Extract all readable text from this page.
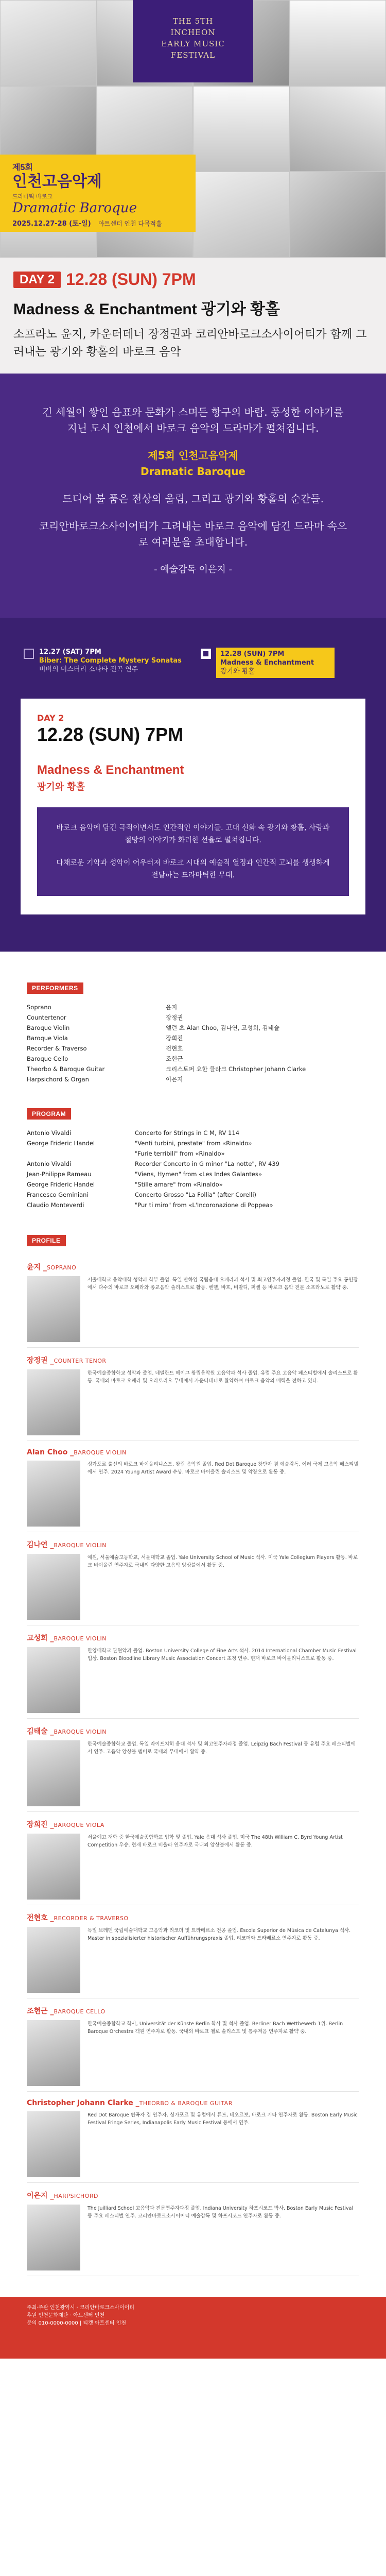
THE 5TH
INCHEON
EARLY MUSIC
FESTIVAL
제5회
인천고음악제
드라마틱 바로크
Dramatic Baroque
2025.12.27-28 (토-일) 아트센터 인천 다목적홀
DAY 2 12.28 (SUN) 7PM
Madness & Enchantment 광기와 황홀

소프라노 윤지, 카운터테너 장정권과 코리안바로크소사이어티가 함께 그려내는 광기와 황홀의 바로크 음악

긴 세월이 쌓인 음표와 문화가 스며든 항구의 바람. 풍성한 이야기를 지닌 도시 인천에서 바로크 음악의 드라마가 펼쳐집니다.

제5회 인천고음악제
Dramatic Baroque

드디어 불 품은 전상의 울림, 그리고 광기와 황홀의 순간들.

코리안바로크소사이어티가 그려내는 바로크 음악에 담긴 드라마 속으로 여러분을 초대합니다.

- 예술감독 이은지 -

12.27 (SAT) 7PM
Biber: The Complete Mystery Sonatas
비버의 미스터리 소나타 전곡 연주
12.28 (SUN) 7PM
Madness & Enchantment
광기와 황홀
DAY 2
12.28 (SUN) 7PM
Madness & Enchantment
광기와 황홀

바로크 음악에 담긴 극적이면서도 인간적인 이야기들. 고대 신화 속 광기와 황홀, 사랑과 절망의 이야기가 화려한 선율로 펼쳐집니다.

다채로운 기악과 성악이 어우러져 바로크 시대의 예술적 열정과 인간적 고뇌를 생생하게 전달하는 드라마틱한 무대.

PERFORMERS
Soprano	윤지
Countertenor	장정권
Baroque Violin	앨런 초 Alan Choo, 김나연, 고성희, 김태술
Baroque Viola	장희진
Recorder & Traverso	전현호
Baroque Cello	조현근
Theorbo & Baroque Guitar	크리스토퍼 요한 클라크 Christopher Johann Clarke
Harpsichord & Organ	이은지
PROGRAM
Antonio Vivaldi	Concerto for Strings in C M, RV 114
George Frideric Handel	"Venti turbini, prestate" from «Rinaldo»
	"Furie terribili" from «Rinaldo»
Antonio Vivaldi	Recorder Concerto in G minor "La notte", RV 439
Jean-Philippe Rameau	"Viens, Hymen" from «Les Indes Galantes»
George Frideric Handel	"Stille amare" from «Rinaldo»
Francesco Geminiani	Concerto Grosso "La Follia" (after Corelli)
Claudio Monteverdi	"Pur ti miro" from «L'Incoronazione di Poppea»
PROFILE
윤지 _SOPRANO

서울대학교 음악대학 성악과 학부 졸업. 독일 만하임 국립음대 오페라과 석사 및 최고연주자과정 졸업. 한국 및 독일 주요 공연장에서 다수의 바로크 오페라와 종교음악 솔리스트로 활동. 헨델, 바흐, 비발디, 퍼셀 등 바로크 음악 전문 소프라노로 활약 중.

장정권 _COUNTER TENOR

한국예술종합학교 성악과 졸업. 네덜란드 헤이그 왕립음악원 고음악과 석사 졸업. 유럽 주요 고음악 페스티벌에서 솔리스트로 활동. 국내외 바로크 오페라 및 오라토리오 무대에서 카운터테너로 활약하며 바로크 음악의 매력을 전하고 있다.

Alan Choo _BAROQUE VIOLIN

싱가포르 출신의 바로크 바이올리니스트. 왕립 음악원 졸업. Red Dot Baroque 창단자 겸 예술감독. 여러 국제 고음악 페스티벌에서 연주. 2024 Young Artist Award 수상. 바로크 바이올린 솔리스트 및 악장으로 활동 중.

김나연 _BAROQUE VIOLIN

예원, 서울예술고등학교, 서울대학교 졸업. Yale University School of Music 석사. 미국 Yale Collegium Players 활동. 바로크 바이올린 연주자로 국내외 다양한 고음악 앙상블에서 활동 중.

고성희 _BAROQUE VIOLIN

한양대학교 관현악과 졸업. Boston University College of Fine Arts 석사. 2014 International Chamber Music Festival 입상. Boston Bloodline Library Music Association Concert 초청 연주. 현재 바로크 바이올리니스트로 활동 중.

김태술 _BAROQUE VIOLIN

한국예술종합학교 졸업. 독일 라이프치히 음대 석사 및 최고연주자과정 졸업. Leipzig Bach Festival 등 유럽 주요 페스티벌에서 연주. 고음악 앙상블 멤버로 국내외 무대에서 활약 중.

장희진 _BAROQUE VIOLA

서울예고 재학 중 한국예술종합학교 입학 및 졸업. Yale 음대 석사 졸업. 미국 The 48th William C. Byrd Young Artist Competition 우승. 현재 바로크 비올라 연주자로 국내외 앙상블에서 활동 중.

전현호 _RECORDER & TRAVERSO

독일 브레멘 국립예술대학교 고음악과 리코더 및 트라베르소 전공 졸업. Escola Superior de Música de Catalunya 석사. Master in spezialisierter historischer Aufführungspraxis 졸업. 리코더와 트라베르소 연주자로 활동 중.

조현근 _BAROQUE CELLO

한국예술종합학교 학사, Universität der Künste Berlin 학사 및 석사 졸업. Berliner Bach Wettbewerb 1위. Berlin Baroque Orchestra 객원 연주자로 활동. 국내외 바로크 첼로 솔리스트 및 통주저음 연주자로 활약 중.

Christopher Johann Clarke _THEORBO & BAROQUE GUITAR

Red Dot Baroque 편곡자 겸 연주자. 싱가포르 및 유럽에서 류트, 테오르보, 바로크 기타 연주자로 활동. Boston Early Music Festival Fringe Series, Indianapolis Early Music Festival 등에서 연주.

이은지 _HARPSICHORD

The Juilliard School 고음악과 전문연주자과정 졸업. Indiana University 하프시코드 박사. Boston Early Music Festival 등 주요 페스티벌 연주. 코리안바로크소사이어티 예술감독 및 하프시코드 연주자로 활동 중.

주최·주관 인천광역시 · 코리안바로크소사이어티
후원 인천문화재단 · 아트센터 인천
문의 010-0000-0000 | 티켓 아트센터 인천
